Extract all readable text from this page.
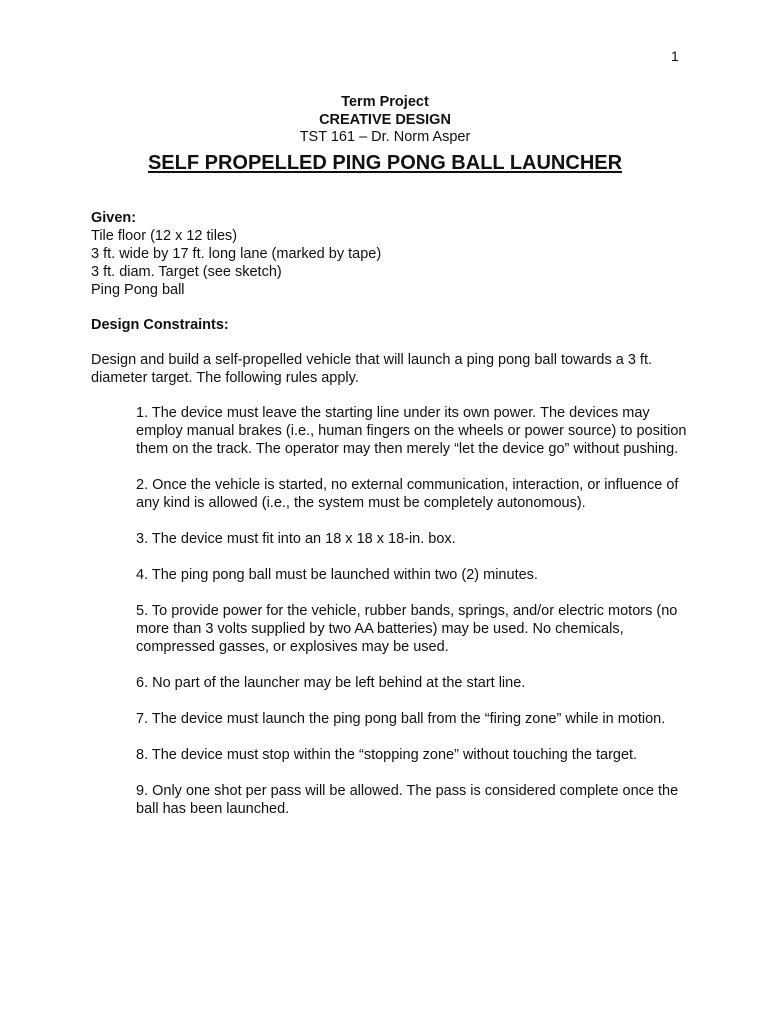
1
Term Project
CREATIVE DESIGN
TST 161 – Dr. Norm Asper
SELF PROPELLED PING PONG BALL LAUNCHER
Given:
Tile floor (12 x 12 tiles)
3 ft. wide by 17 ft. long lane (marked by tape)
3 ft. diam. Target (see sketch)
Ping Pong ball
Design Constraints:

Design and build a self-propelled vehicle that will launch a ping pong ball towards a 3 ft. diameter target. The following rules apply.

1. The device must leave the starting line under its own power. The devices may employ manual brakes (i.e., human fingers on the wheels or power source) to position them on the track. The operator may then merely “let the device go” without pushing.

2. Once the vehicle is started, no external communication, interaction, or influence of any kind is allowed (i.e., the system must be completely autonomous).

3. The device must fit into an 18 x 18 x 18-in. box.

4. The ping pong ball must be launched within two (2) minutes.

5. To provide power for the vehicle, rubber bands, springs, and/or electric motors (no more than 3 volts supplied by two AA batteries) may be used. No chemicals, compressed gasses, or explosives may be used.

6. No part of the launcher may be left behind at the start line.

7. The device must launch the ping pong ball from the “firing zone” while in motion.

8. The device must stop within the “stopping zone” without touching the target.

9. Only one shot per pass will be allowed. The pass is considered complete once the ball has been launched.
